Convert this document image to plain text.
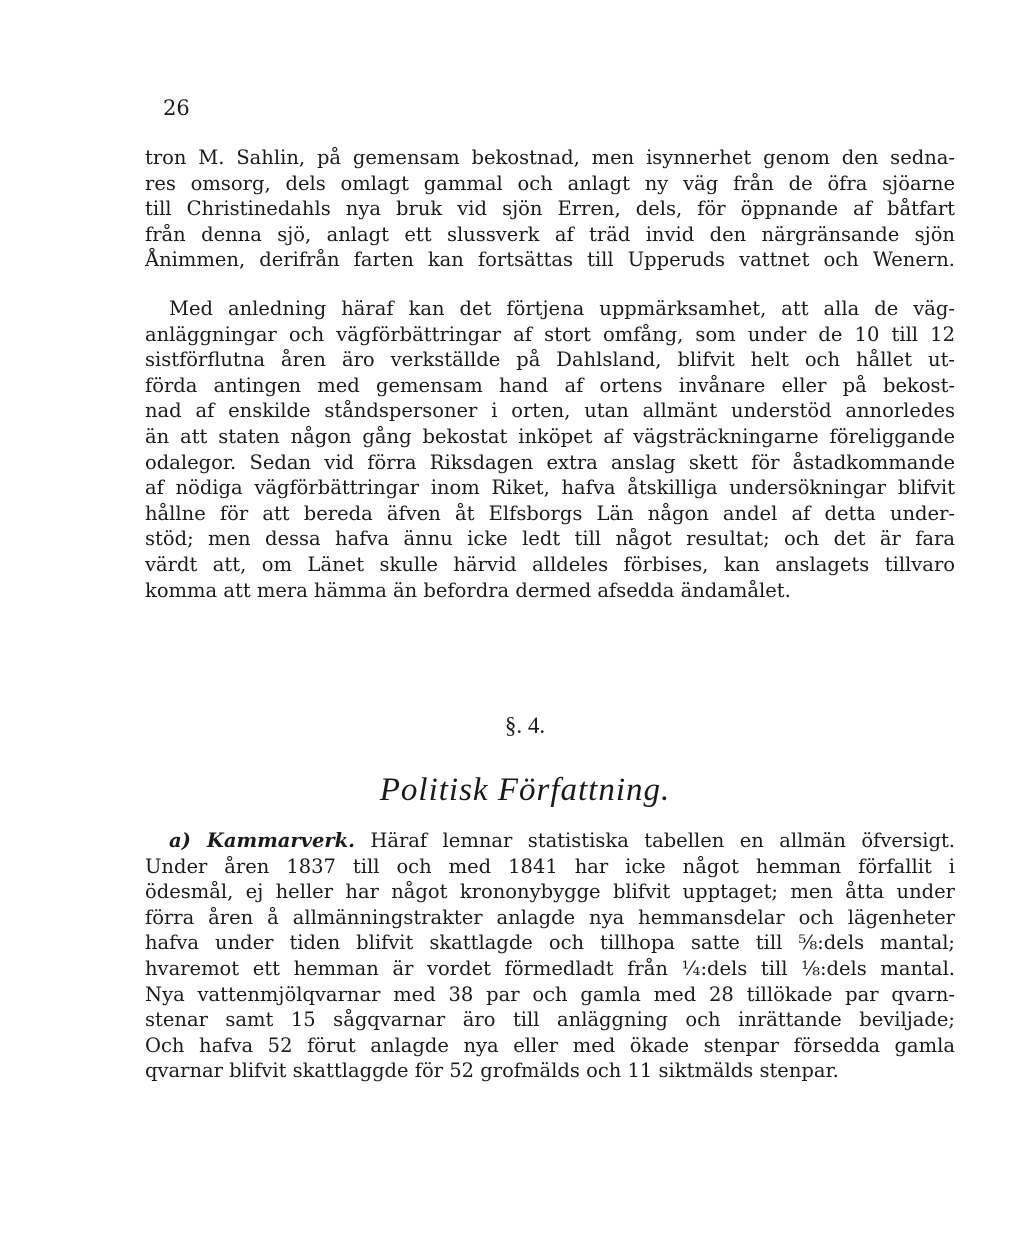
26
tron M. Sahlin, på gemensam bekostnad, men isynnerhet genom den sedna-
res omsorg, dels omlagt gammal och anlagt ny väg från de öfra sjöarne
till Christinedahls nya bruk vid sjön Erren, dels, för öppnande af båtfart
från denna sjö, anlagt ett slussverk af träd invid den närgränsande sjön
Ånimmen, derifrån farten kan fortsättas till Upperuds vattnet och Wenern.
Med anledning häraf kan det förtjena uppmärksamhet, att alla de väg-
anläggningar och vägförbättringar af stort omfång, som under de 10 till 12
sistförflutna åren äro verkställde på Dahlsland, blifvit helt och hållet ut-
förda antingen med gemensam hand af ortens invånare eller på bekost-
nad af enskilde ståndspersoner i orten, utan allmänt understöd annorledes
än att staten någon gång bekostat inköpet af vägsträckningarne föreliggande
odalegor. Sedan vid förra Riksdagen extra anslag skett för åstadkommande
af nödiga vägförbättringar inom Riket, hafva åtskilliga undersökningar blifvit
hållne för att bereda äfven åt Elfsborgs Län någon andel af detta under-
stöd; men dessa hafva ännu icke ledt till något resultat; och det är fara
värdt att, om Länet skulle härvid alldeles förbises, kan anslagets tillvaro
komma att mera hämma än befordra dermed afsedda ändamålet.
§. 4.
Politisk Författning.
a) Kammarverk. Häraf lemnar statistiska tabellen en allmän öfversigt.
Under åren 1837 till och med 1841 har icke något hemman förfallit i
ödesmål, ej heller har något krononybygge blifvit upptaget; men åtta under
förra åren å allmänningstrakter anlagde nya hemmansdelar och lägenheter
hafva under tiden blifvit skattlagde och tillhopa satte till ⅝:dels mantal;
hvaremot ett hemman är vordet förmedladt från ¼:dels till ⅛:dels mantal.
Nya vattenmjölqvarnar med 38 par och gamla med 28 tillökade par qvarn-
stenar samt 15 sågqvarnar äro till anläggning och inrättande beviljade;
Och hafva 52 förut anlagde nya eller med ökade stenpar försedda gamla
qvarnar blifvit skattlaggde för 52 grofmälds och 11 siktmälds stenpar.
